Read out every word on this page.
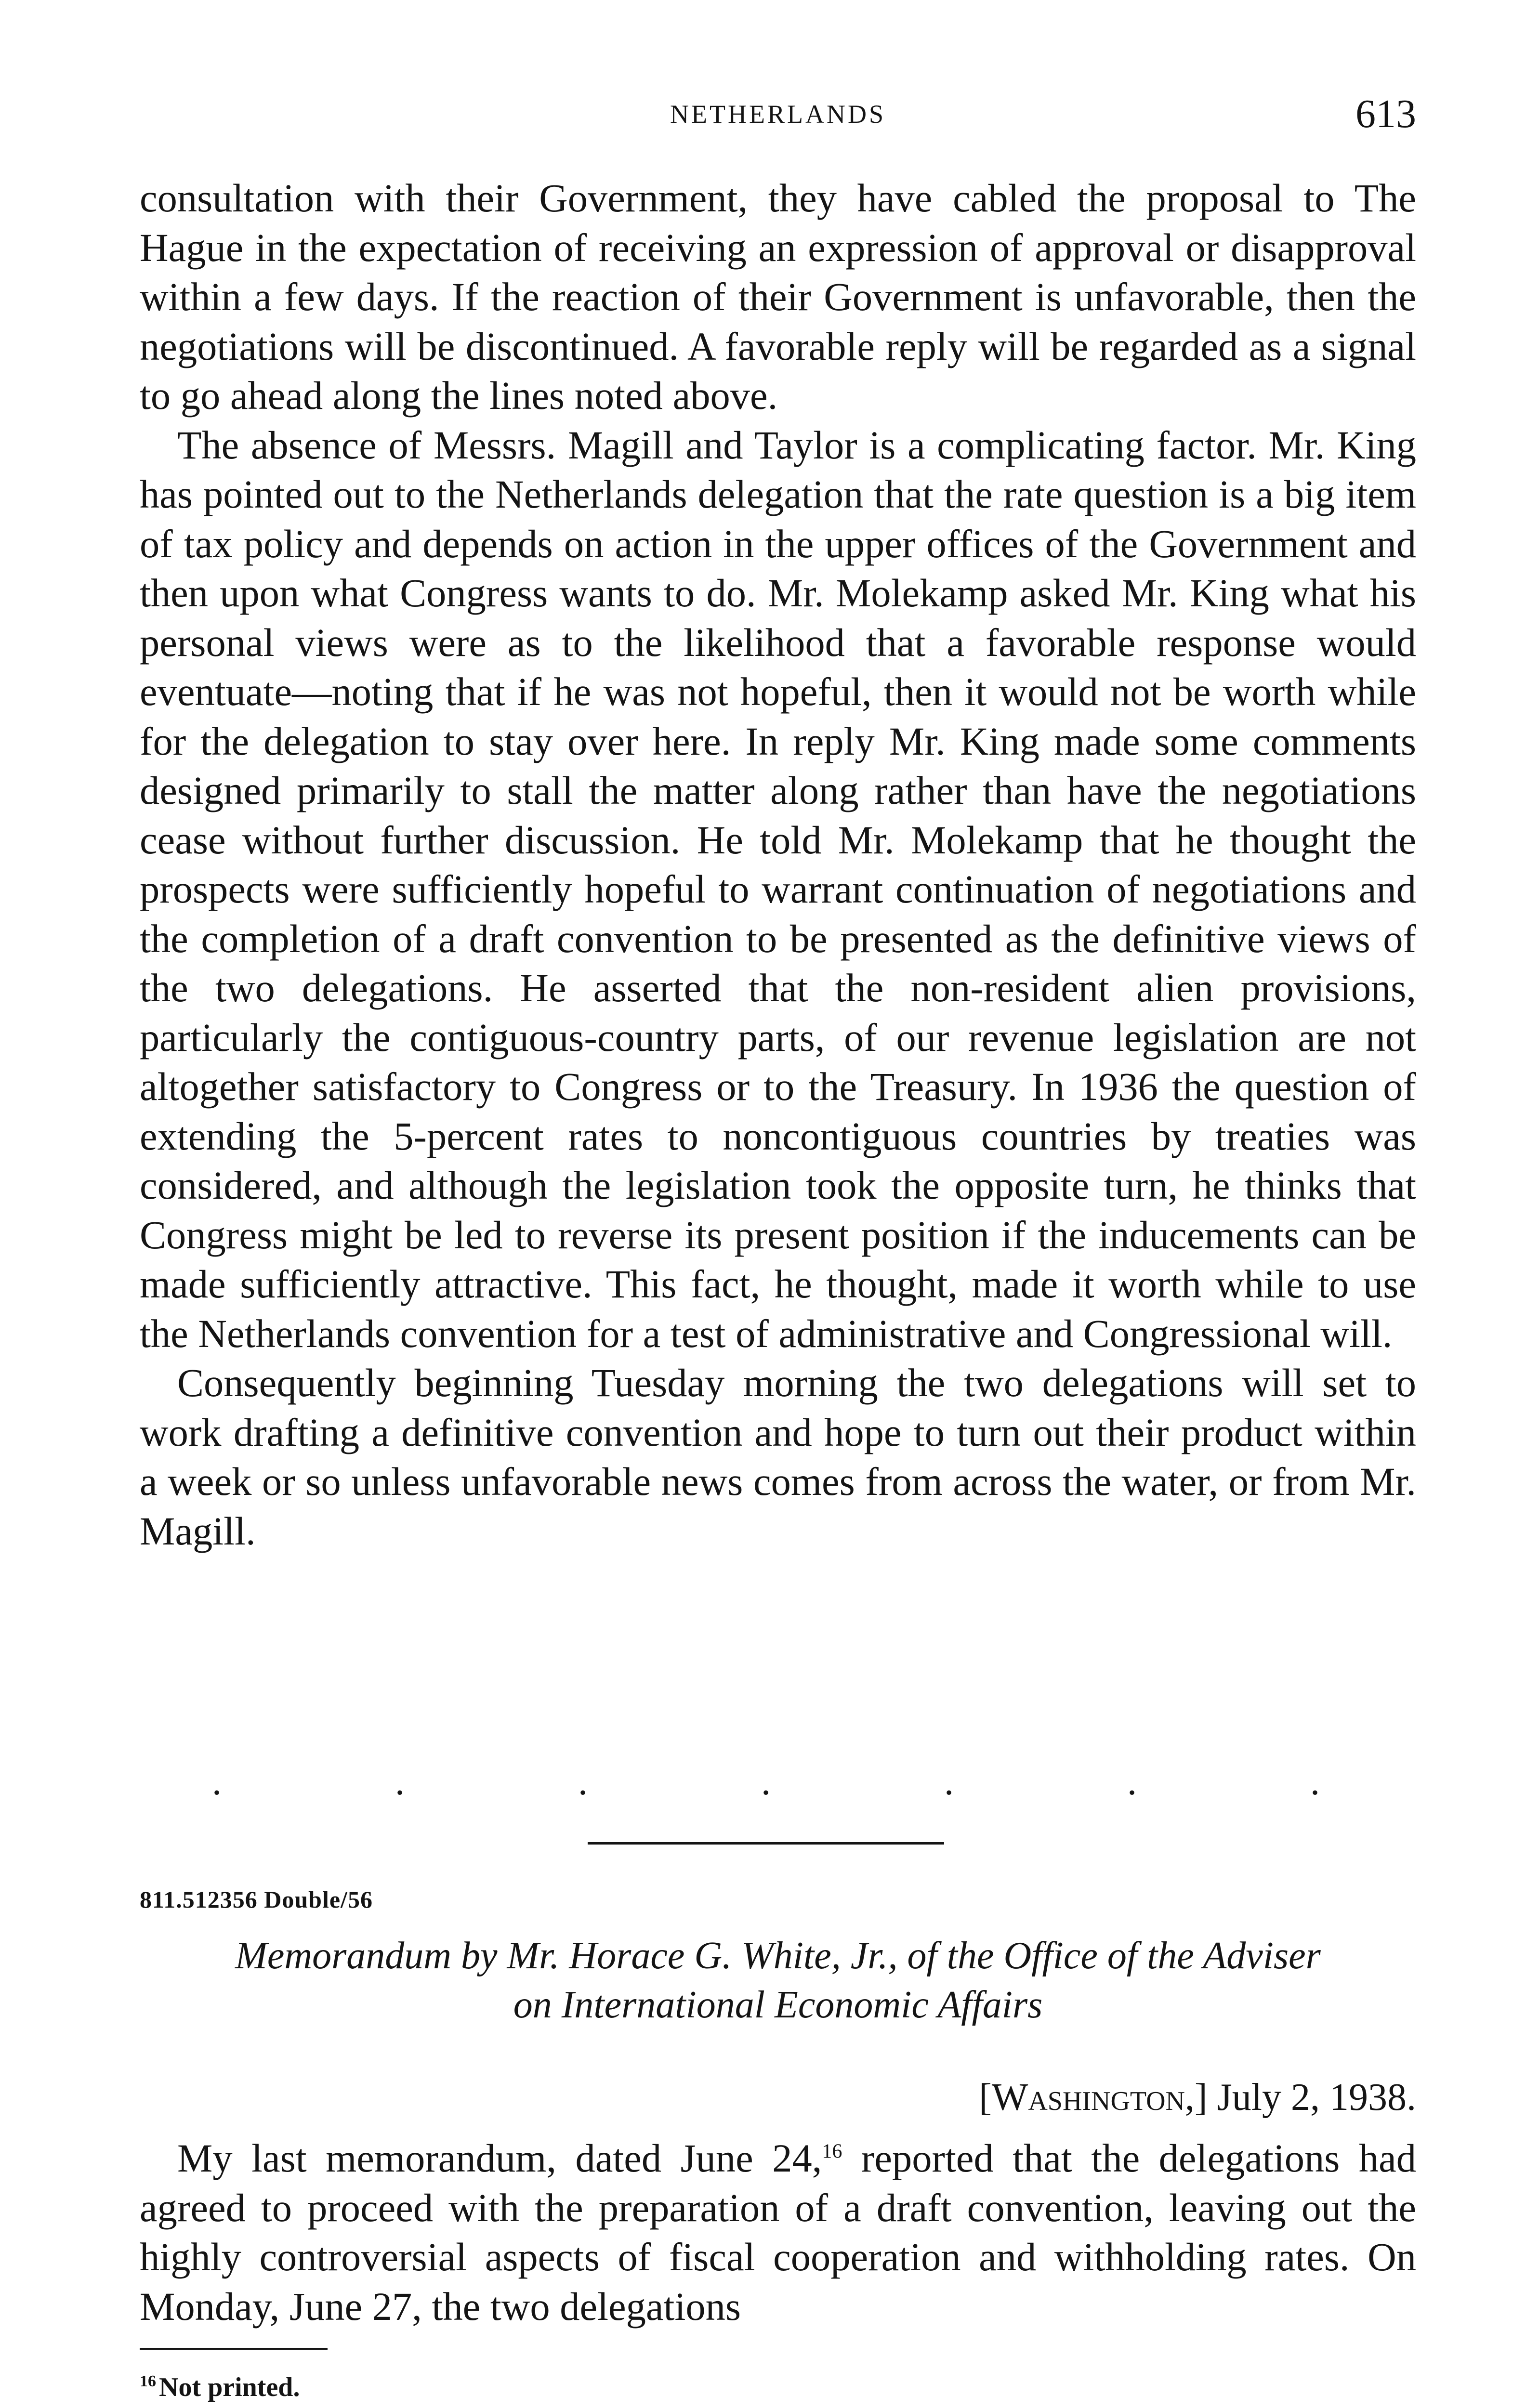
NETHERLANDS	613

consultation with their Government, they have cabled the proposal to The Hague in the expectation of receiving an expression of approval or disapproval within a few days. If the reaction of their Government is unfavorable, then the negotiations will be discontinued. A favorable reply will be regarded as a signal to go ahead along the lines noted above.

The absence of Messrs. Magill and Taylor is a complicating factor. Mr. King has pointed out to the Netherlands delegation that the rate question is a big item of tax policy and depends on action in the upper offices of the Government and then upon what Congress wants to do. Mr. Molekamp asked Mr. King what his personal views were as to the likelihood that a favorable response would eventuate—noting that if he was not hopeful, then it would not be worth while for the delegation to stay over here. In reply Mr. King made some comments designed primarily to stall the matter along rather than have the negotiations cease without further discussion. He told Mr. Molekamp that he thought the prospects were sufficiently hopeful to warrant continuation of negotiations and the completion of a draft convention to be presented as the definitive views of the two delegations. He asserted that the non-resident alien provisions, particularly the contiguous-country parts, of our revenue legislation are not altogether satisfactory to Congress or to the Treasury. In 1936 the question of extending the 5-percent rates to noncontiguous countries by treaties was considered, and although the legislation took the opposite turn, he thinks that Congress might be led to reverse its present position if the inducements can be made sufficiently attractive. This fact, he thought, made it worth while to use the Netherlands convention for a test of administrative and Congressional will.

Consequently beginning Tuesday morning the two delegations will set to work drafting a definitive convention and hope to turn out their product within a week or so unless unfavorable news comes from across the water, or from Mr. Magill.

.	.	.	.	.	.	.
811.512356 Double/56
Memorandum by Mr. Horace G. White, Jr., of the Office of the Adviser
on International Economic Affairs
[Washington,] July 2, 1938.

My last memorandum, dated June 24,16 reported that the delegations had agreed to proceed with the preparation of a draft convention, leaving out the highly controversial aspects of fiscal cooperation and withholding rates. On Monday, June 27, the two delegations

$^{16}$ Not printed.
